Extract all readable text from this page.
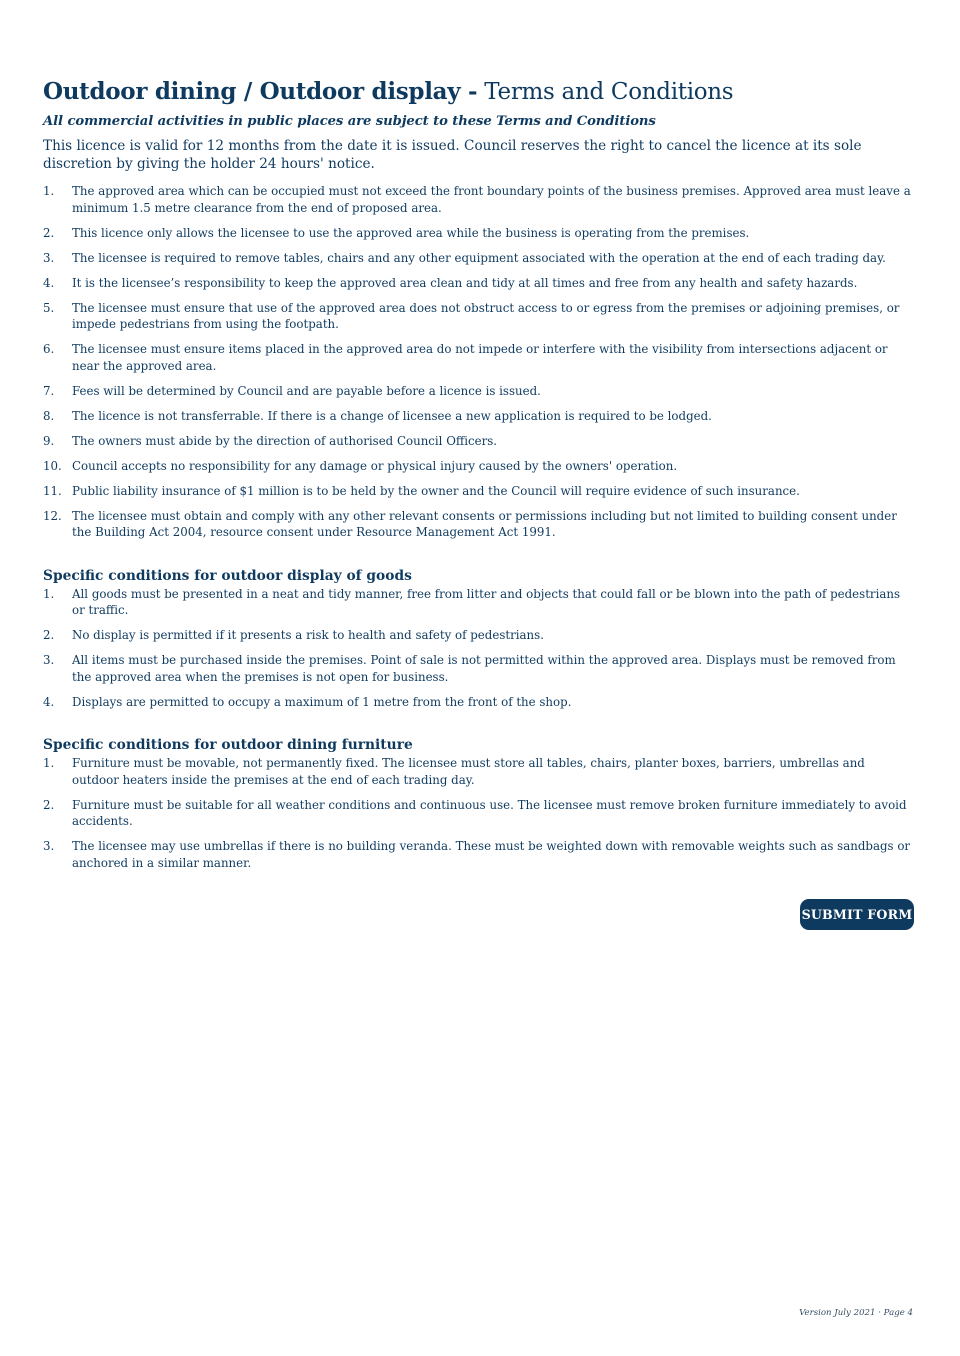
Outdoor dining / Outdoor display - Terms and Conditions

All commercial activities in public places are subject to these Terms and Conditions

This licence is valid for 12 months from the date it is issued. Council reserves the right to cancel the licence at its sole discretion by giving the holder 24 hours' notice.

1. The approved area which can be occupied must not exceed the front boundary points of the business premises. Approved area must leave a minimum 1.5 metre clearance from the end of proposed area.
2. This licence only allows the licensee to use the approved area while the business is operating from the premises.
3. The licensee is required to remove tables, chairs and any other equipment associated with the operation at the end of each trading day.
4. It is the licensee’s responsibility to keep the approved area clean and tidy at all times and free from any health and safety hazards.
5. The licensee must ensure that use of the approved area does not obstruct access to or egress from the premises or adjoining premises, or impede pedestrians from using the footpath.
6. The licensee must ensure items placed in the approved area do not impede or interfere with the visibility from intersections adjacent or near the approved area.
7. Fees will be determined by Council and are payable before a licence is issued.
8. The licence is not transferrable. If there is a change of licensee a new application is required to be lodged.
9. The owners must abide by the direction of authorised Council Officers.
10. Council accepts no responsibility for any damage or physical injury caused by the owners' operation.
11. Public liability insurance of $1 million is to be held by the owner and the Council will require evidence of such insurance.
12. The licensee must obtain and comply with any other relevant consents or permissions including but not limited to building consent under the Building Act 2004, resource consent under Resource Management Act 1991.
Specific conditions for outdoor display of goods
1. All goods must be presented in a neat and tidy manner, free from litter and objects that could fall or be blown into the path of pedestrians or traffic.
2. No display is permitted if it presents a risk to health and safety of pedestrians.
3. All items must be purchased inside the premises. Point of sale is not permitted within the approved area. Displays must be removed from the approved area when the premises is not open for business.
4. Displays are permitted to occupy a maximum of 1 metre from the front of the shop.
Specific conditions for outdoor dining furniture
1. Furniture must be movable, not permanently fixed. The licensee must store all tables, chairs, planter boxes, barriers, umbrellas and outdoor heaters inside the premises at the end of each trading day.
2. Furniture must be suitable for all weather conditions and continuous use. The licensee must remove broken furniture immediately to avoid accidents.
3. The licensee may use umbrellas if there is no building veranda. These must be weighted down with removable weights such as sandbags or anchored in a similar manner.
SUBMIT FORM
Version July 2021 · Page 4
